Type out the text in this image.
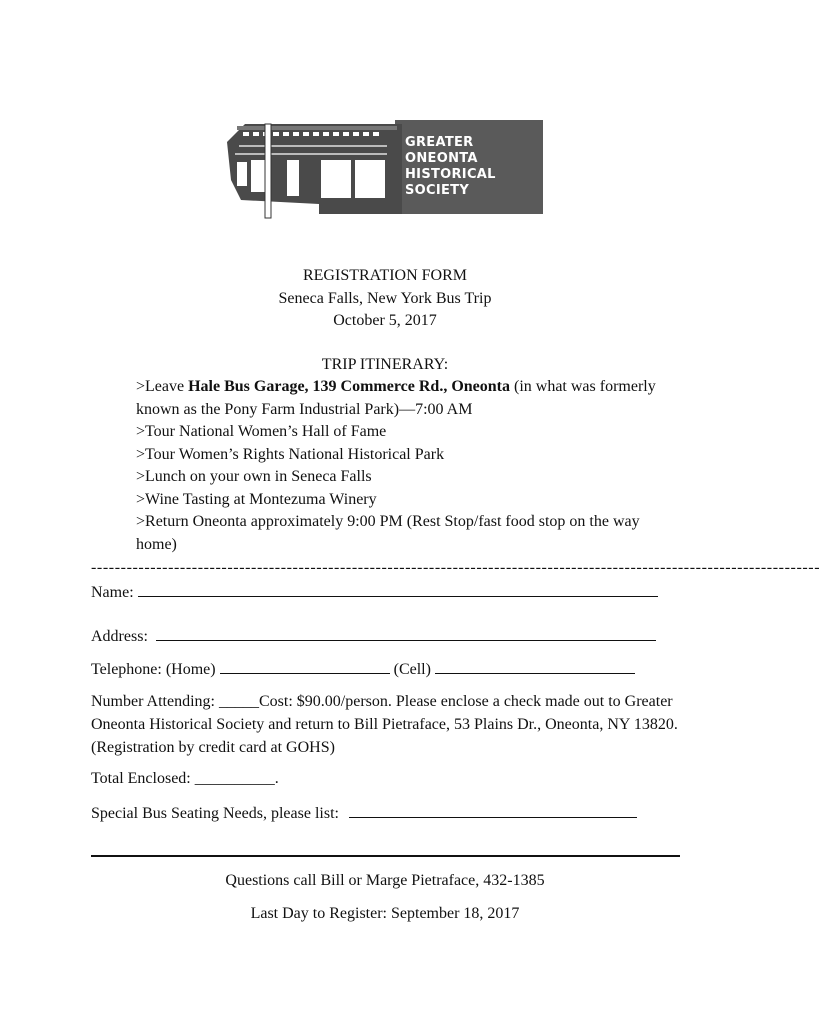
GREATER
ONEONTA
HISTORICAL
SOCIETY
REGISTRATION FORM
Seneca Falls, New York Bus Trip
October 5, 2017
TRIP ITINERARY:
>Leave Hale Bus Garage, 139 Commerce Rd., Oneonta (in what was formerly known as the Pony Farm Industrial Park)—7:00 AM
>Tour National Women’s Hall of Fame
>Tour Women’s Rights National Historical Park
>Lunch on your own in Seneca Falls
>Wine Tasting at Montezuma Winery
>Return Oneonta approximately 9:00 PM (Rest Stop/fast food stop on the way home)
---------------------------------------------------------------------------------------------------------------------------
Name:
Address:
Telephone: (Home)	(Cell)
Number Attending: _____Cost: $90.00/person. Please enclose a check made out to Greater Oneonta Historical Society and return to Bill Pietraface, 53 Plains Dr., Oneonta, NY 13820. (Registration by credit card at GOHS)
Total Enclosed: __________.
Special Bus Seating Needs, please list:
Questions call Bill or Marge Pietraface, 432-1385
Last Day to Register: September 18, 2017
